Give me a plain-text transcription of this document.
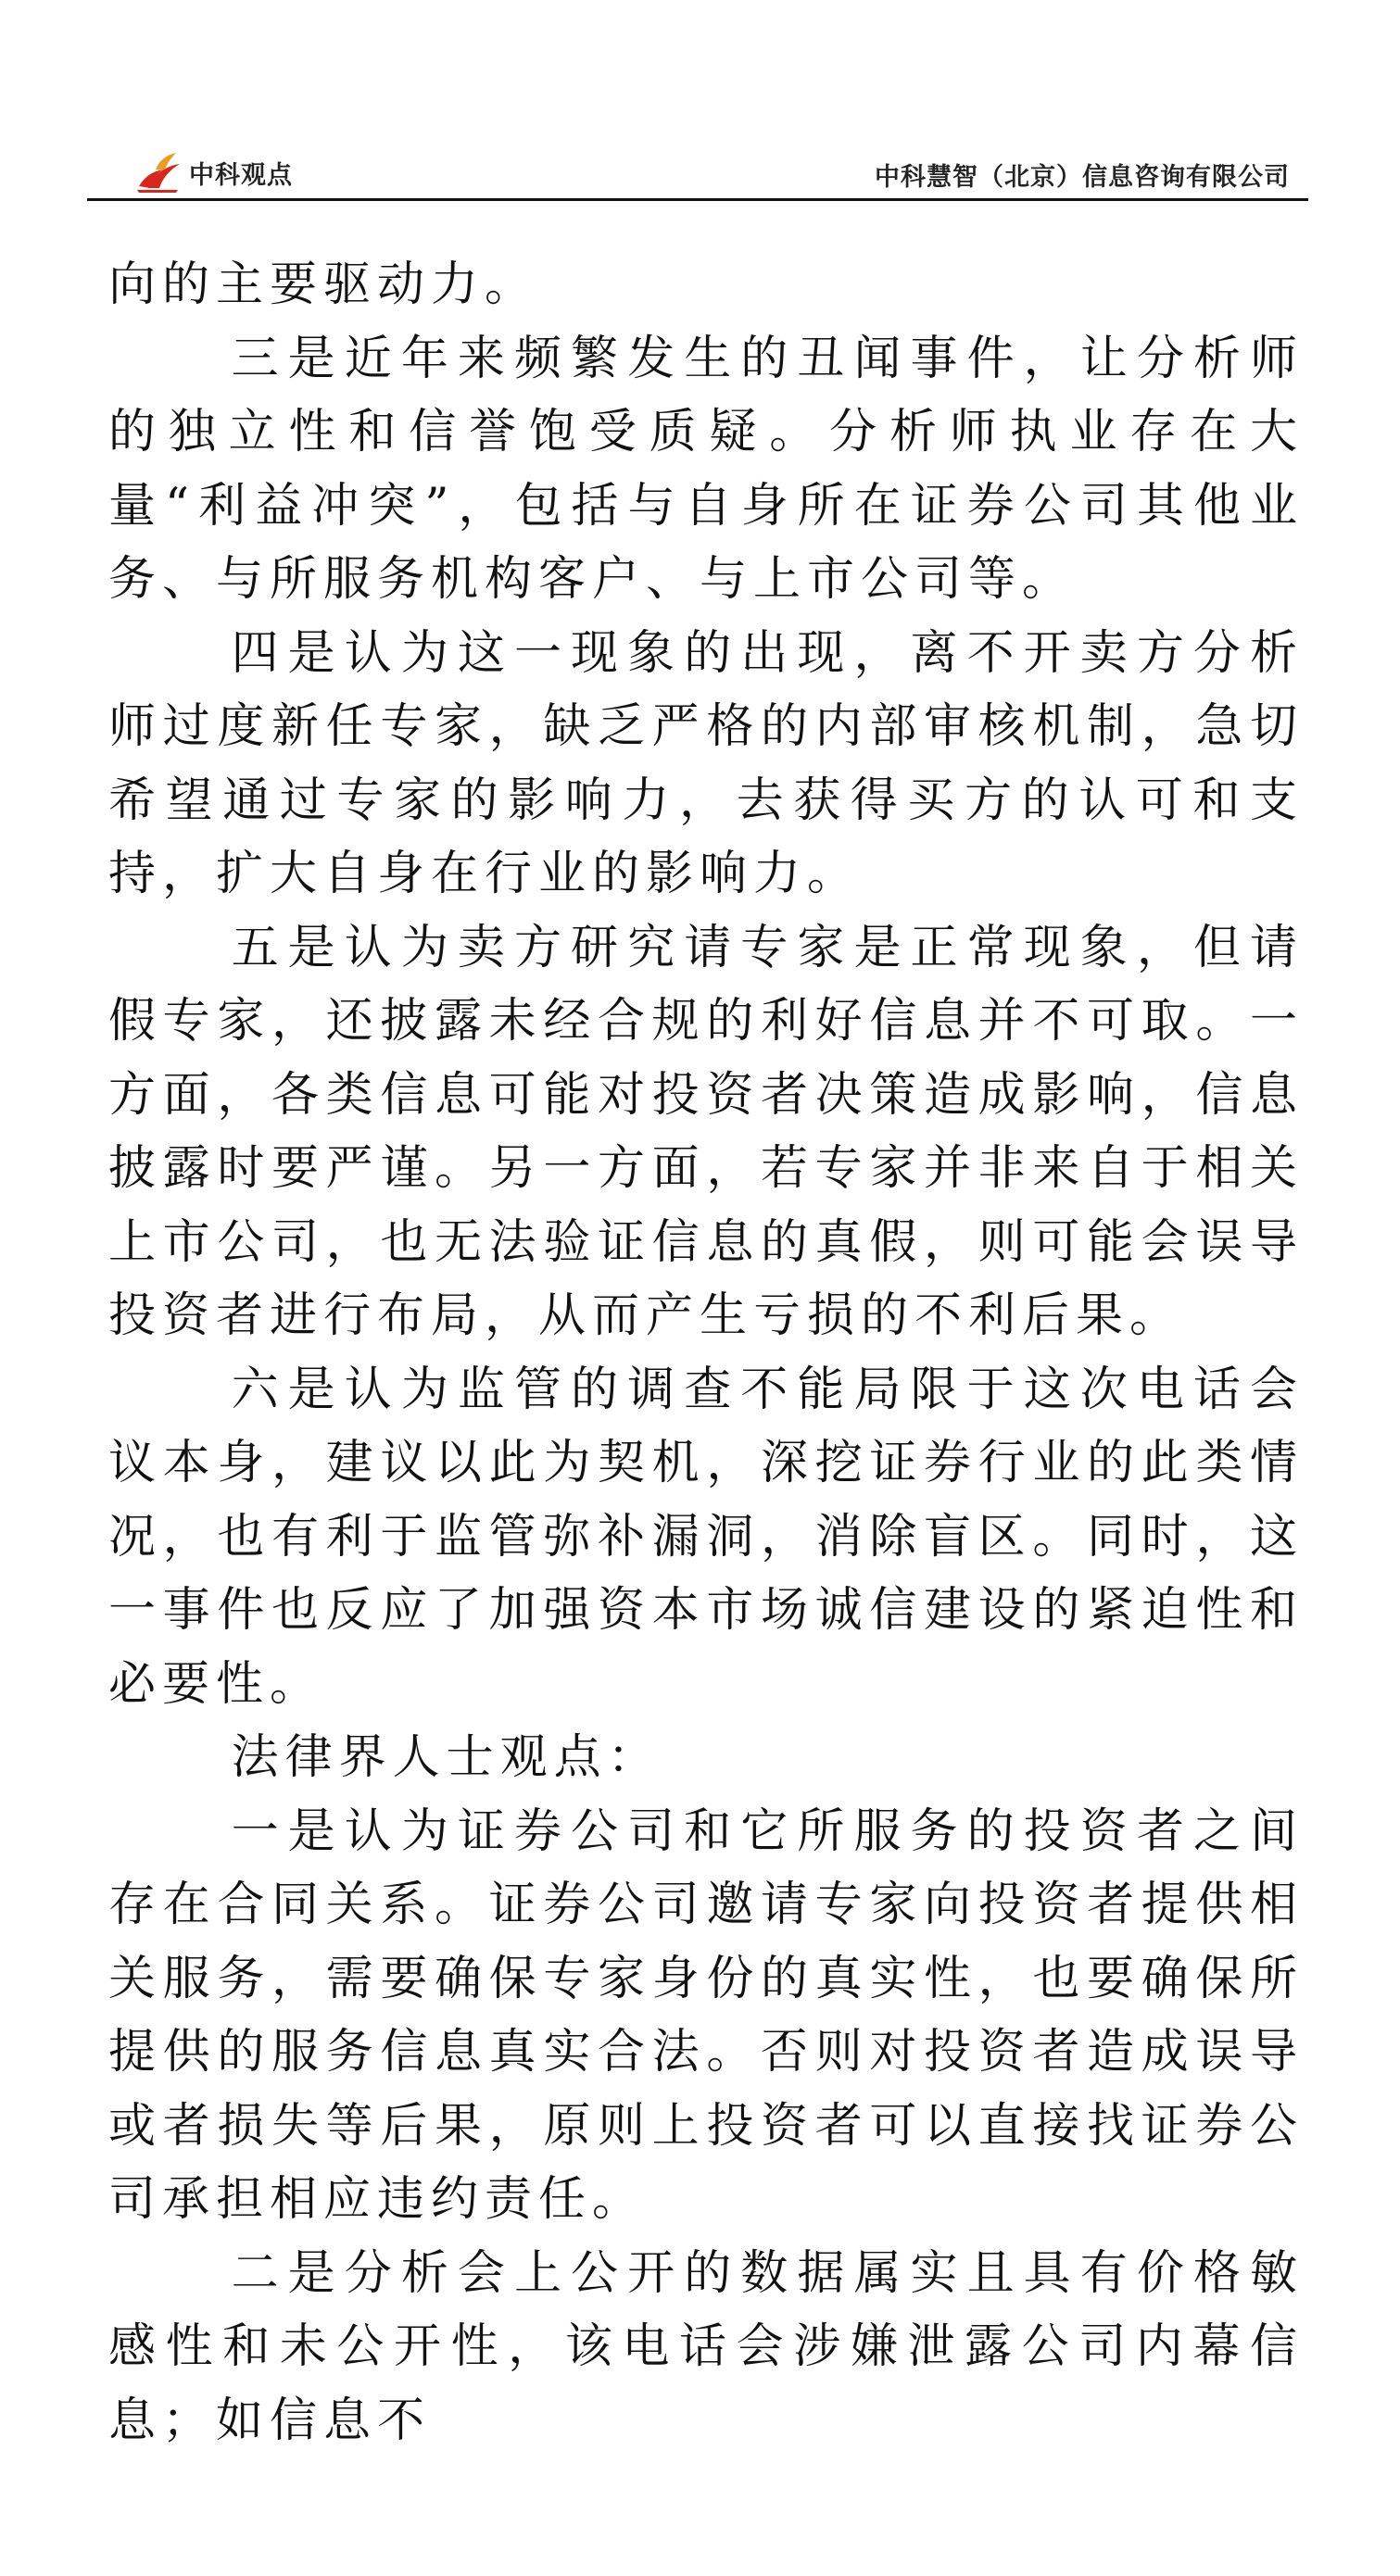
中科观点	中科慧智（北京）信息咨询有限公司

向的主要驱动力。

三是近年来频繁发生的丑闻事件，让分析师的独立性和信誉饱受质疑。分析师执业存在大量“利益冲突”，包括与自身所在证券公司其他业务、与所服务机构客户、与上市公司等。

四是认为这一现象的出现，离不开卖方分析师过度新任专家，缺乏严格的内部审核机制，急切希望通过专家的影响力，去获得买方的认可和支持，扩大自身在行业的影响力。

五是认为卖方研究请专家是正常现象，但请假专家，还披露未经合规的利好信息并不可取。一方面，各类信息可能对投资者决策造成影响，信息披露时要严谨。另一方面，若专家并非来自于相关上市公司，也无法验证信息的真假，则可能会误导投资者进行布局，从而产生亏损的不利后果。

六是认为监管的调查不能局限于这次电话会议本身，建议以此为契机，深挖证券行业的此类情况，也有利于监管弥补漏洞，消除盲区。同时，这一事件也反应了加强资本市场诚信建设的紧迫性和必要性。

法律界人士观点：

一是认为证券公司和它所服务的投资者之间存在合同关系。证券公司邀请专家向投资者提供相关服务，需要确保专家身份的真实性，也要确保所提供的服务信息真实合法。否则对投资者造成误导或者损失等后果，原则上投资者可以直接找证券公司承担相应违约责任。

二是分析会上公开的数据属实且具有价格敏感性和未公开性，该电话会涉嫌泄露公司内幕信息；如信息不
